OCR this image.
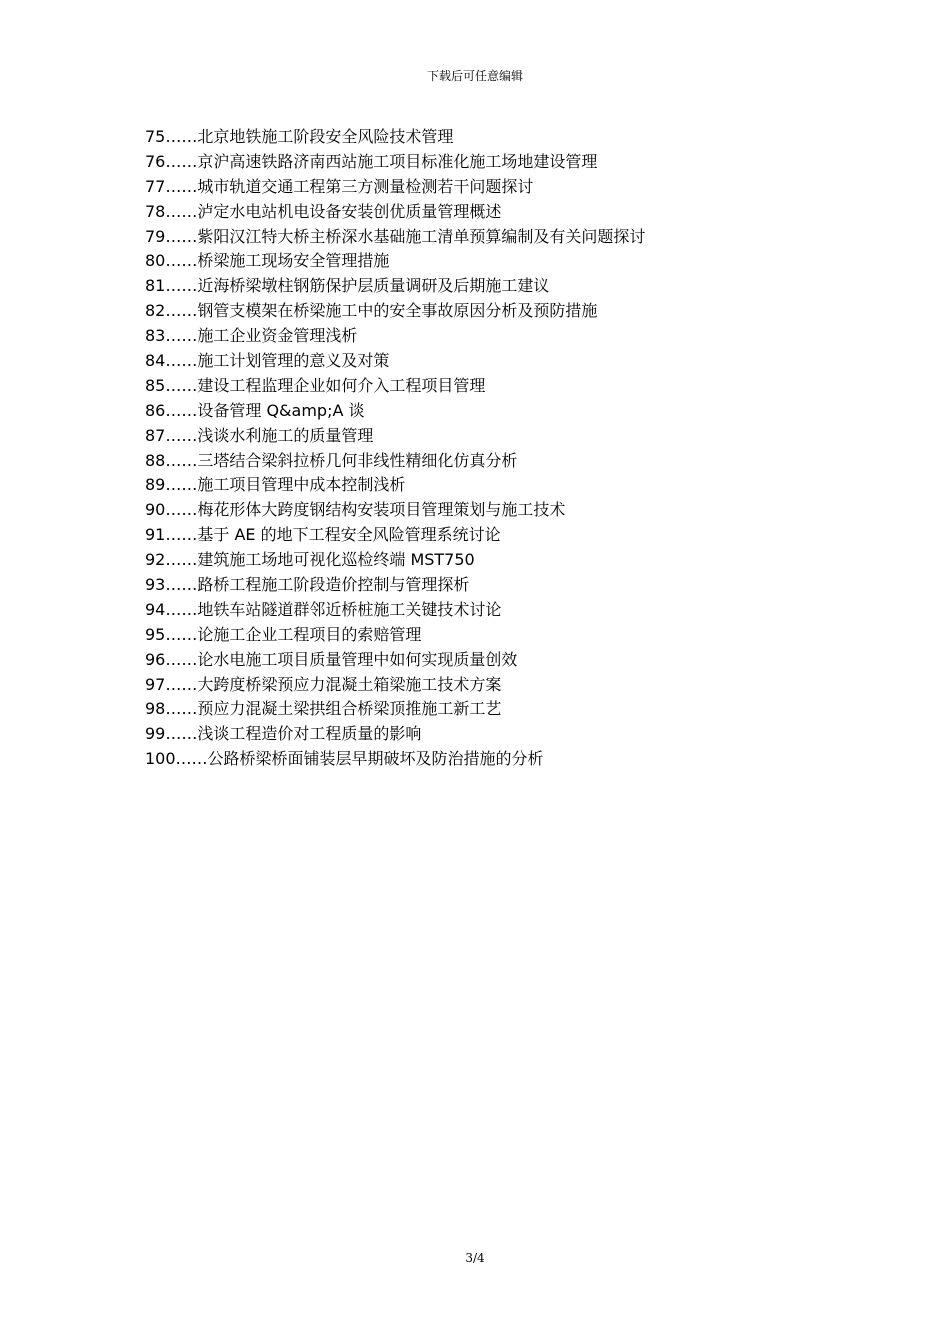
下载后可任意编辑
75……北京地铁施工阶段安全风险技术管理
76……京沪高速铁路济南西站施工项目标准化施工场地建设管理
77……城市轨道交通工程第三方测量检测若干问题探讨
78……泸定水电站机电设备安装创优质量管理概述
79……紫阳汉江特大桥主桥深水基础施工清单预算编制及有关问题探讨
80……桥梁施工现场安全管理措施
81……近海桥梁墩柱钢筋保护层质量调研及后期施工建议
82……钢管支模架在桥梁施工中的安全事故原因分析及预防措施
83……施工企业资金管理浅析
84……施工计划管理的意义及对策
85……建设工程监理企业如何介入工程项目管理
86……设备管理 Q&amp;A 谈
87……浅谈水利施工的质量管理
88……三塔结合梁斜拉桥几何非线性精细化仿真分析
89……施工项目管理中成本控制浅析
90……梅花形体大跨度钢结构安装项目管理策划与施工技术
91……基于 AE 的地下工程安全风险管理系统讨论
92……建筑施工场地可视化巡检终端 MST750
93……路桥工程施工阶段造价控制与管理探析
94……地铁车站隧道群邻近桥桩施工关键技术讨论
95……论施工企业工程项目的索赔管理
96……论水电施工项目质量管理中如何实现质量创效
97……大跨度桥梁预应力混凝土箱梁施工技术方案
98……预应力混凝土梁拱组合桥梁顶推施工新工艺
99……浅谈工程造价对工程质量的影响
100……公路桥梁桥面铺装层早期破坏及防治措施的分析
3/4
